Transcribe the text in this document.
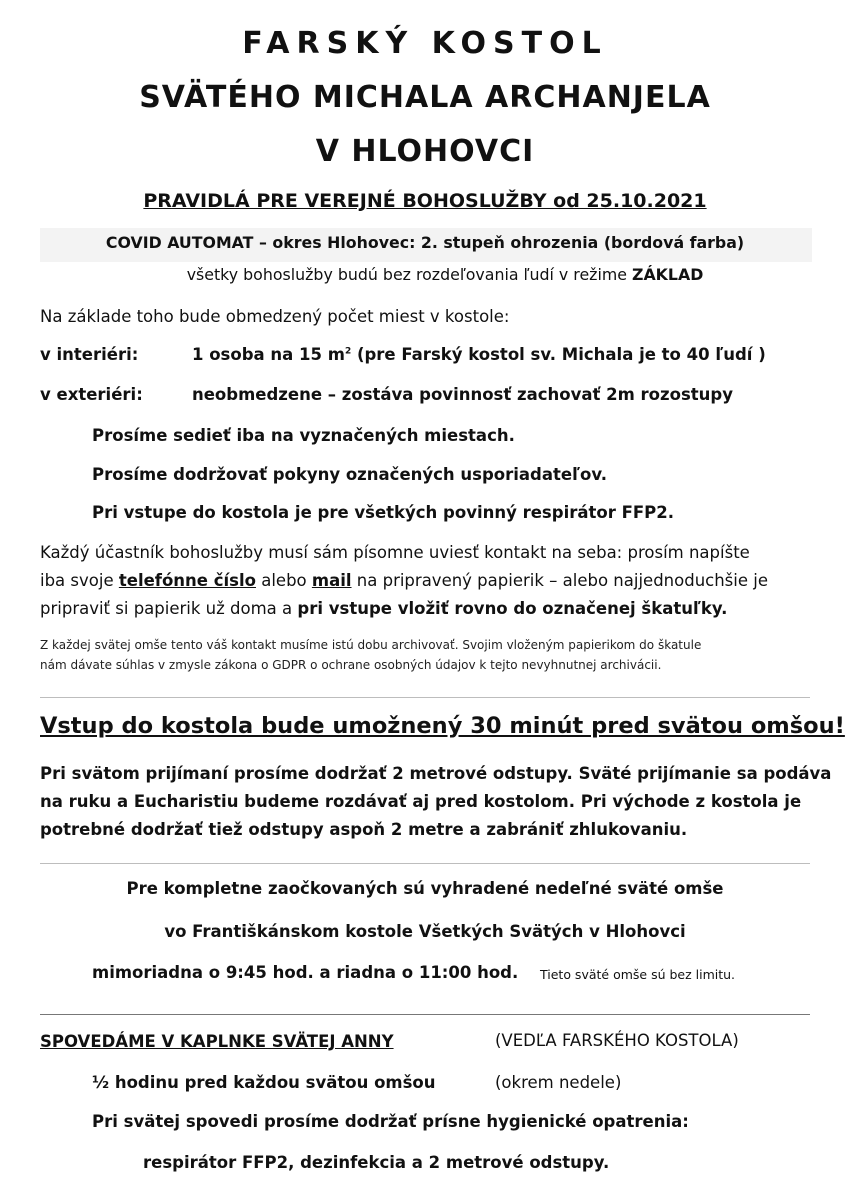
FARSKÝ KOSTOL
SVÄTÉHO MICHALA ARCHANJELA
V HLOHOVCI
PRAVIDLÁ PRE VEREJNÉ BOHOSLUŽBY od 25.10.2021
COVID AUTOMAT – okres Hlohovec: 2. stupeň ohrozenia (bordová farba)
všetky bohoslužby budú bez rozdeľovania ľudí v režime ZÁKLAD
Na základe toho bude obmedzený počet miest v kostole:
v interiéri:	1 osoba na 15 $m^2$ (pre Farský kostol sv. Michala je to 40 ľudí )
v exteriéri:	neobmedzene – zostáva povinnosť zachovať 2m rozostupy
Prosíme sedieť iba na vyznačených miestach.
Prosíme dodržovať pokyny označených usporiadateľov.
Pri vstupe do kostola je pre všetkých povinný respirátor FFP2.
Každý účastník bohoslužby musí sám písomne uviesť kontakt na seba: prosím napíšte
iba svoje telefónne číslo alebo mail na pripravený papierik – alebo najjednoduchšie je
pripraviť si papierik už doma a pri vstupe vložiť rovno do označenej škatuľky.
Z každej svätej omše tento váš kontakt musíme istú dobu archivovať. Svojim vloženým papierikom do škatule
nám dávate súhlas v zmysle zákona o GDPR o ochrane osobných údajov k tejto nevyhnutnej archivácii.
Vstup do kostola bude umožnený 30 minút pred svätou omšou!
Pri svätom prijímaní prosíme dodržať 2 metrové odstupy. Sväté prijímanie sa podáva
na ruku a Eucharistiu budeme rozdávať aj pred kostolom. Pri východe z kostola je
potrebné dodržať tiež odstupy aspoň 2 metre a zabrániť zhlukovaniu.
Pre kompletne zaočkovaných sú vyhradené nedeľné sväté omše
vo Františkánskom kostole Všetkých Svätých v Hlohovci
mimoriadna o 9:45 hod. a riadna o 11:00 hod. Tieto sväté omše sú bez limitu.
SPOVEDÁME V KAPLNKE SVÄTEJ ANNY	(VEDĽA FARSKÉHO KOSTOLA)
½ hodinu pred každou svätou omšou	(okrem nedele)
Pri svätej spovedi prosíme dodržať prísne hygienické opatrenia:
respirátor FFP2, dezinfekcia a 2 metrové odstupy.
